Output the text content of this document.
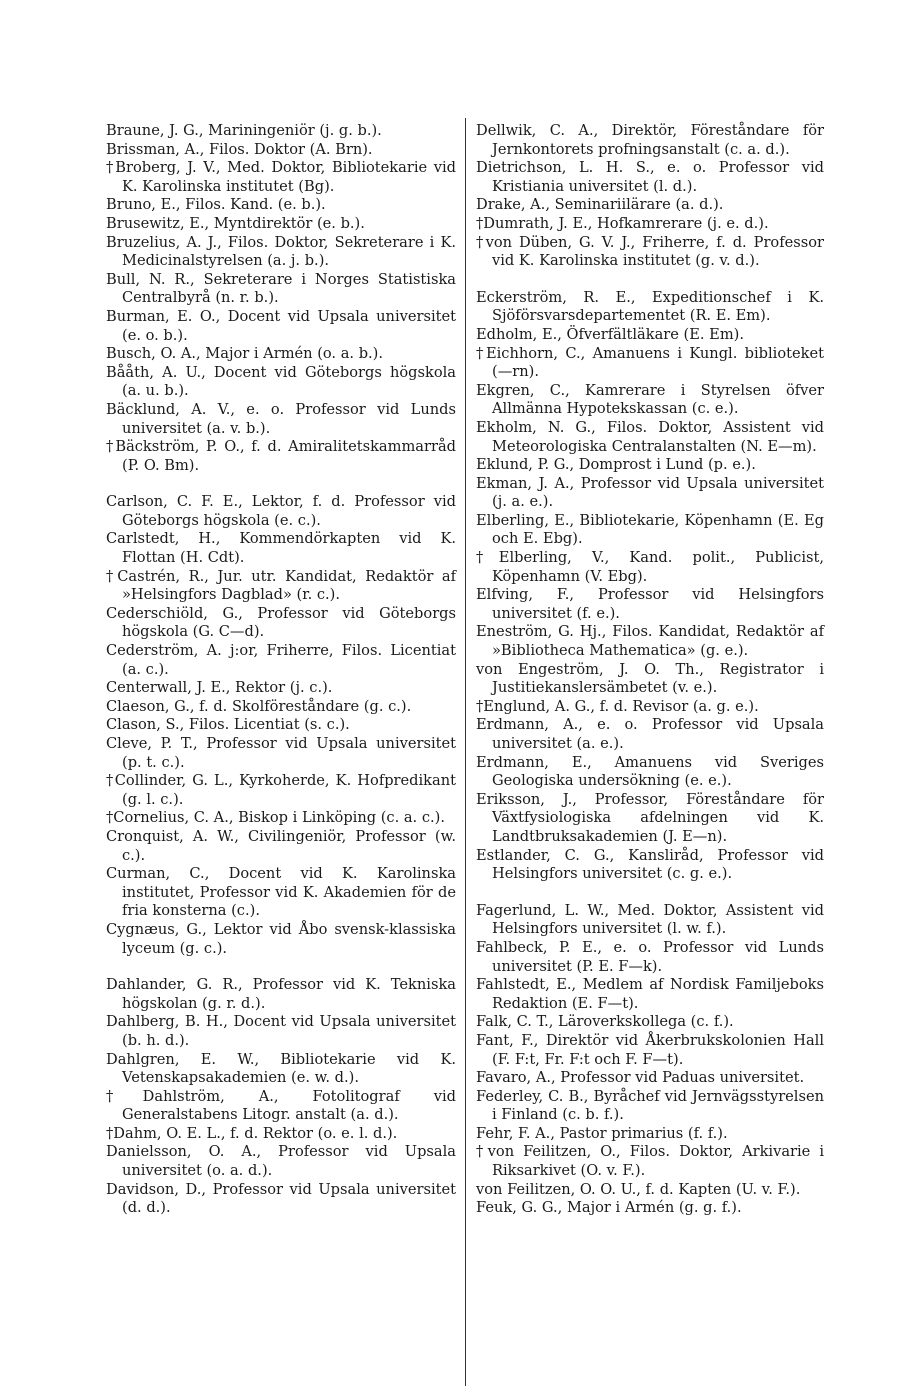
Braune, J. G., Mariningeniör (j. g. b.).

Brissman, A., Filos. Doktor (A. Brn).

†Broberg, J. V., Med. Doktor, Bibliotekarie vid K. Karolinska institutet (Bg).

Bruno, E., Filos. Kand. (e. b.).

Brusewitz, E., Myntdirektör (e. b.).

Bruzelius, A. J., Filos. Doktor, Sekreterare i K. Medicinalstyrelsen (a. j. b.).

Bull, N. R., Sekreterare i Norges Statistiska Centralbyrå (n. r. b.).

Burman, E. O., Docent vid Upsala universitet (e. o. b.).

Busch, O. A., Major i Armén (o. a. b.).

Bååth, A. U., Docent vid Göteborgs högskola (a. u. b.).

Bäcklund, A. V., e. o. Professor vid Lunds universitet (a. v. b.).

†Bäckström, P. O., f. d. Amiralitetskammarråd (P. O. Bm).

Carlson, C. F. E., Lektor, f. d. Professor vid Göteborgs högskola (e. c.).

Carlstedt, H., Kommendörkapten vid K. Flottan (H. Cdt).

†Castrén, R., Jur. utr. Kandidat, Redaktör af »Helsingfors Dagblad» (r. c.).

Cederschiöld, G., Professor vid Göteborgs högskola (G. C—d).

Cederström, A. j:or, Friherre, Filos. Licentiat (a. c.).

Centerwall, J. E., Rektor (j. c.).

Claeson, G., f. d. Skolföreståndare (g. c.).

Clason, S., Filos. Licentiat (s. c.).

Cleve, P. T., Professor vid Upsala universitet (p. t. c.).

†Collinder, G. L., Kyrkoherde, K. Hofpredikant (g. l. c.).

†Cornelius, C. A., Biskop i Linköping (c. a. c.).

Cronquist, A. W., Civilingeniör, Professor (w. c.).

Curman, C., Docent vid K. Karolinska institutet, Professor vid K. Akademien för de fria konsterna (c.).

Cygnæus, G., Lektor vid Åbo svensk-klassiska lyceum (g. c.).

Dahlander, G. R., Professor vid K. Tekniska högskolan (g. r. d.).

Dahlberg, B. H., Docent vid Upsala universitet (b. h. d.).

Dahlgren, E. W., Bibliotekarie vid K. Vetenskapsakademien (e. w. d.).

†Dahlström, A., Fotolitograf vid Generalstabens Litogr. anstalt (a. d.).

†Dahm, O. E. L., f. d. Rektor (o. e. l. d.).

Danielsson, O. A., Professor vid Upsala universitet (o. a. d.).

Davidson, D., Professor vid Upsala universitet (d. d.).

Dellwik, C. A., Direktör, Föreståndare för Jernkontorets profningsanstalt (c. a. d.).

Dietrichson, L. H. S., e. o. Professor vid Kristiania universitet (l. d.).

Drake, A., Seminariilärare (a. d.).

†Dumrath, J. E., Hofkamrerare (j. e. d.).

†von Düben, G. V. J., Friherre, f. d. Professor vid K. Karolinska institutet (g. v. d.).

Eckerström, R. E., Expeditionschef i K. Sjöförsvarsdepartementet (R. E. Em).

Edholm, E., Öfverfältläkare (E. Em).

†Eichhorn, C., Amanuens i Kungl. biblioteket (—rn).

Ekgren, C., Kamrerare i Styrelsen öfver Allmänna Hypotekskassan (c. e.).

Ekholm, N. G., Filos. Doktor, Assistent vid Meteorologiska Centralanstalten (N. E—m).

Eklund, P. G., Domprost i Lund (p. e.).

Ekman, J. A., Professor vid Upsala universitet (j. a. e.).

Elberling, E., Bibliotekarie, Köpenhamn (E. Eg och E. Ebg).

†Elberling, V., Kand. polit., Publicist, Köpenhamn (V. Ebg).

Elfving, F., Professor vid Helsingfors universitet (f. e.).

Eneström, G. Hj., Filos. Kandidat, Redaktör af »Bibliotheca Mathematica» (g. e.).

von Engeström, J. O. Th., Registrator i Justitiekanslersämbetet (v. e.).

†Englund, A. G., f. d. Revisor (a. g. e.).

Erdmann, A., e. o. Professor vid Upsala universitet (a. e.).

Erdmann, E., Amanuens vid Sveriges Geologiska undersökning (e. e.).

Eriksson, J., Professor, Föreståndare för Växtfysiologiska afdelningen vid K. Landtbruksakademien (J. E—n).

Estlander, C. G., Kansliråd, Professor vid Helsingfors universitet (c. g. e.).

Fagerlund, L. W., Med. Doktor, Assistent vid Helsingfors universitet (l. w. f.).

Fahlbeck, P. E., e. o. Professor vid Lunds universitet (P. E. F—k).

Fahlstedt, E., Medlem af Nordisk Familjeboks Redaktion (E. F—t).

Falk, C. T., Läroverkskollega (c. f.).

Fant, F., Direktör vid Åkerbrukskolonien Hall (F. F:t, Fr. F:t och F. F—t).

Favaro, A., Professor vid Paduas universitet.

Federley, C. B., Byråchef vid Jernvägsstyrelsen i Finland (c. b. f.).

Fehr, F. A., Pastor primarius (f. f.).

†von Feilitzen, O., Filos. Doktor, Arkivarie i Riksarkivet (O. v. F.).

von Feilitzen, O. O. U., f. d. Kapten (U. v. F.).

Feuk, G. G., Major i Armén (g. g. f.).
